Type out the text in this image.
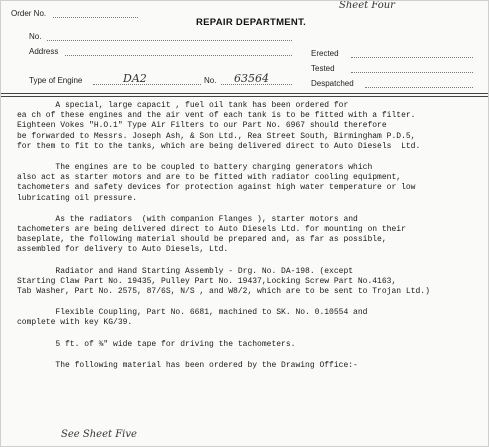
Sheet Four
Order No.
REPAIR DEPARTMENT.
No.
Address	Erected
Tested
Type of Engine	DA2	No. 63564	Despatched

A special, large capacit , fuel oil tank has been ordered for
ea ch of these engines and the air vent of each tank is to be fitted with a filter.
Eighteen Vokes "H.O.1" Type Air Filters to our Part No. 6967 should therefore
be forwarded to Messrs. Joseph Ash, & Son Ltd., Rea Street South, Birmingham P.D.5,
for them to fit to the tanks, which are being delivered direct to Auto Diesels  Ltd.

The engines are to be coupled to battery charging generators which
also act as starter motors and are to be fitted with radiator cooling equipment,
tachometers and safety devices for protection against high water temperature or low
lubricating oil pressure.

As the radiators  (with companion Flanges ), starter motors and
tachometers are being delivered direct to Auto Diesels Ltd. for mounting on their
baseplate, the following material should be prepared and, as far as possible,
assembled for delivery to Auto Diesels, Ltd.

Radiator and Hand Starting Assembly - Drg. No. DA-198. (except
Starting Claw Part No. 19435, Pulley Part No. 19437,Locking Screw Part No.4163,
Tab Washer, Part No. 2575, 87/6S, N/S , and W8/2, which are to be sent to Trojan Ltd.)

Flexible Coupling, Part No. 6681, machined to SK. No. 0.10554 and
complete with key KG/39.

5 ft. of ⅜" wide tape for driving the tachometers.

The following material has been ordered by the Drawing Office:-

See Sheet Five
